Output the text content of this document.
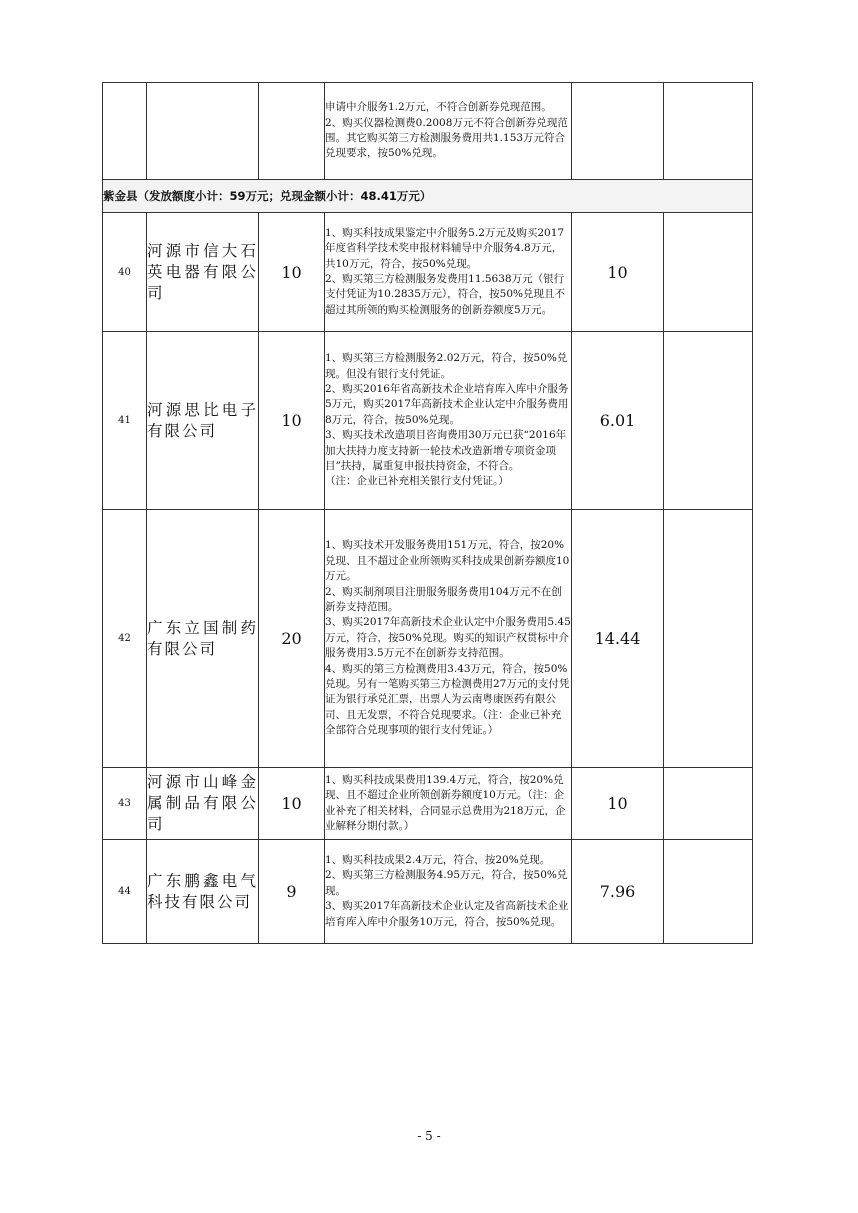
			申请中介服务1.2万元，不符合创新券兑现范围。

2、购买仪器检测费0.2008万元不符合创新券兑现范围。其它购买第三方检测服务费用共1.153万元符合兑现要求，按50%兑现。		

紫金县（发放额度小计：59万元；兑现金额小计：48.41万元）					
40	河源市信大石英电器有限公司	10	1、购买科技成果鉴定中介服务5.2万元及购买2017年度省科学技术奖申报材料辅导中介服务4.8万元，共10万元，符合，按50%兑现。

2、购买第三方检测服务发费用11.5638万元（银行支付凭证为10.2835万元），符合，按50%兑现且不超过其所领的购买检测服务的创新券额度5万元。	10	
41	河源思比电子有限公司	10	1、购买第三方检测服务2.02万元，符合，按50%兑现。但没有银行支付凭证。

2、购买2016年省高新技术企业培育库入库中介服务5万元，购买2017年高新技术企业认定中介服务费用8万元，符合，按50%兑现。

3、购买技术改造项目咨询费用30万元已获“2016年加大扶持力度支持新一轮技术改造新增专项资金项目”扶持，属重复申报扶持资金，不符合。

（注：企业已补充相关银行支付凭证。）	6.01	
42	广东立国制药有限公司	20	1、购买技术开发服务费用151万元，符合，按20%兑现、且不超过企业所领购买科技成果创新券额度10万元。

2、购买制剂项目注册服务服务费用104万元不在创新券支持范围。

3、购买2017年高新技术企业认定中介服务费用5.45万元，符合，按50%兑现。购买的知识产权贯标中介服务费用3.5万元不在创新券支持范围。

4、购买的第三方检测费用3.43万元，符合，按50%兑现。另有一笔购买第三方检测费用27万元的支付凭证为银行承兑汇票，出票人为云南粤康医药有限公司、且无发票，不符合兑现要求。（注：企业已补充全部符合兑现事项的银行支付凭证。）	14.44	
43	河源市山峰金属制品有限公司	10	1、购买科技成果费用139.4万元，符合，按20%兑现、且不超过企业所领创新券额度10万元。（注：企业补充了相关材料，合同显示总费用为218万元，企业解释分期付款。）	10	
44	广东鹏鑫电气科技有限公司	9	1、购买科技成果2.4万元，符合，按20%兑现。

2、购买第三方检测服务4.95万元，符合，按50%兑现。

3、购买2017年高新技术企业认定及省高新技术企业培育库入库中介服务10万元，符合，按50%兑现。	7.96	
- 5 -
